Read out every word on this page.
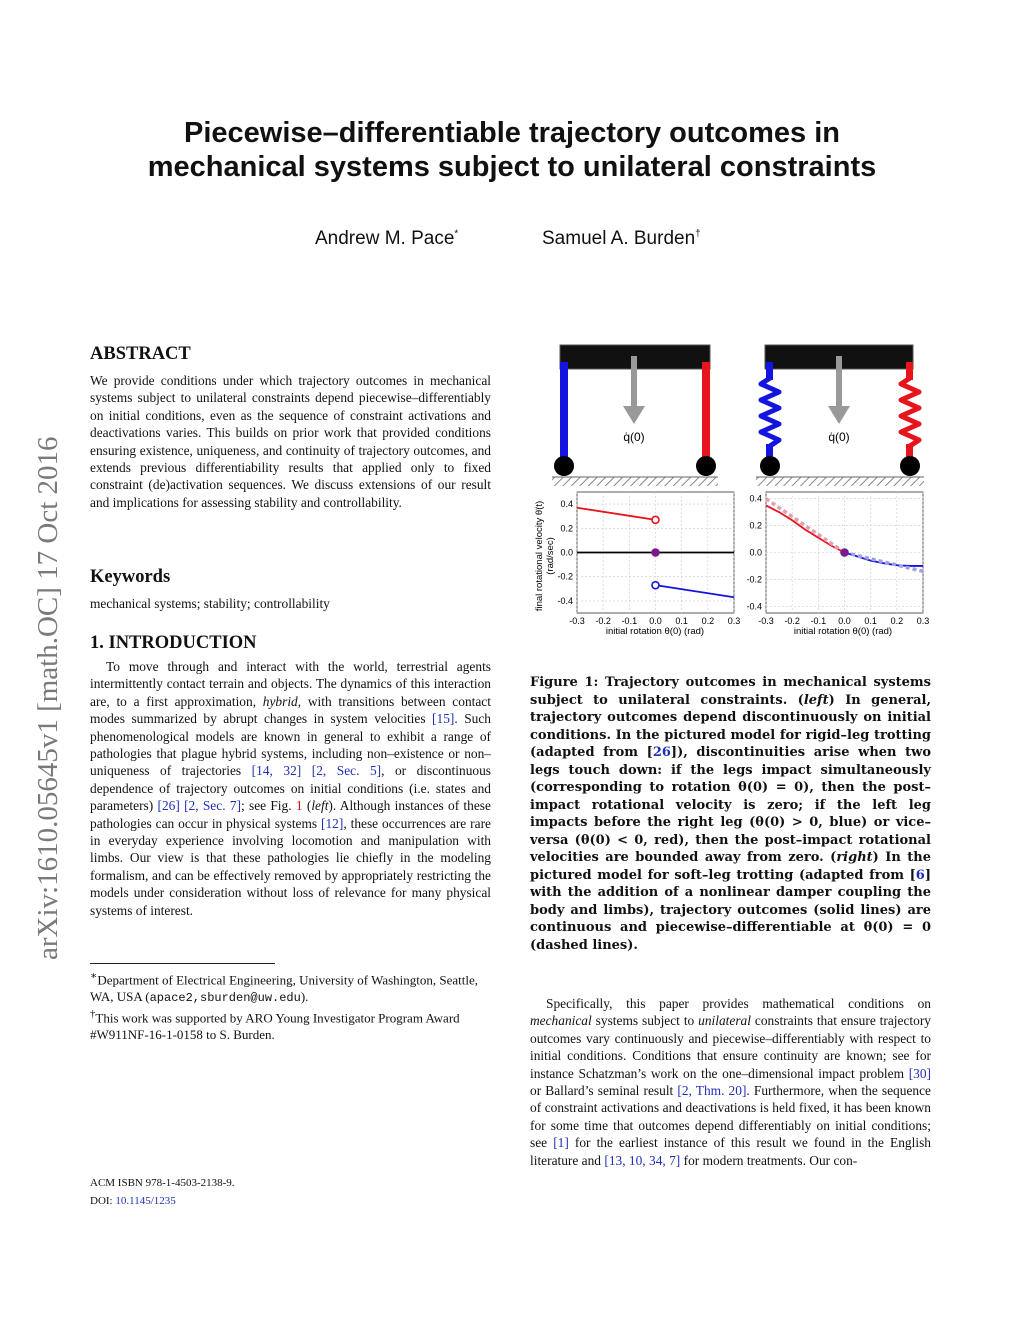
Piecewise–differentiable trajectory outcomes in
mechanical systems subject to unilateral constraints
Andrew M. Pace*	Samuel A. Burden†
arXiv:1610.05645v1 [math.OC] 17 Oct 2016
ABSTRACT

We provide conditions under which trajectory outcomes in mechanical systems subject to unilateral constraints depend piecewise–differentiably on initial conditions, even as the sequence of constraint activations and deactivations varies. This builds on prior work that provided conditions ensuring existence, uniqueness, and continuity of trajectory outcomes, and extends previous differentiability results that applied only to fixed constraint (de)activation sequences. We discuss extensions of our result and implications for assessing stability and controllability.

Keywords

mechanical systems; stability; controllability

1. INTRODUCTION

To move through and interact with the world, terrestrial agents intermittently contact terrain and objects. The dynamics of this interaction are, to a first approximation, hybrid, with transitions between contact modes summarized by abrupt changes in system velocities [15]. Such phenomenological models are known in general to exhibit a range of pathologies that plague hybrid systems, including non–existence or non–uniqueness of trajectories [14, 32] [2, Sec. 5], or discontinuous dependence of trajectory outcomes on initial conditions (i.e. states and parameters) [26] [2, Sec. 7]; see Fig. 1 (left). Although instances of these pathologies can occur in physical systems [12], these occurrences are rare in everyday experience involving locomotion and manipulation with limbs. Our view is that these pathologies lie chiefly in the modeling formalism, and can be effectively removed by appropriately restricting the models under consideration without loss of relevance for many physical systems of interest.

∗Department of Electrical Engineering, University of Washington, Seattle, WA, USA (apace2,sburden@uw.edu).

†This work was supported by ARO Young Investigator Program Award #W911NF-16-1-0158 to S. Burden.

ACM ISBN 978-1-4503-2138-9.
DOI: 10.1145/1235
q̇(0)	q̇(0)
-0.3 -0.2 -0.1 0.0 0.1 0.2 0.3
-0.4
-0.2
0.0
0.2
0.4
-0.3 -0.2 -0.1 0.0 0.1 0.2 0.3
-0.4
-0.2
0.0
0.2
0.4
final rotational velocity θ̇(t) (rad/sec)
initial rotation θ(0) (rad)	initial rotation θ(0) (rad)
Figure 1: Trajectory outcomes in mechanical systems subject to unilateral constraints. (left) In general, trajectory outcomes depend discontinuously on initial conditions. In the pictured model for rigid–leg trotting (adapted from [26]), discontinuities arise when two legs touch down: if the legs impact simultaneously (corresponding to rotation θ(0) = 0), then the post–impact rotational velocity is zero; if the left leg impacts before the right leg (θ(0) > 0, blue) or vice–versa (θ(0) < 0, red), then the post–impact rotational velocities are bounded away from zero. (right) In the pictured model for soft–leg trotting (adapted from [6] with the addition of a nonlinear damper coupling the body and limbs), trajectory outcomes (solid lines) are continuous and piecewise–differentiable at θ(0) = 0 (dashed lines).

Specifically, this paper provides mathematical conditions on mechanical systems subject to unilateral constraints that ensure trajectory outcomes vary continuously and piecewise–differentiably with respect to initial conditions. Conditions that ensure continuity are known; see for instance Schatzman’s work on the one–dimensional impact problem [30] or Ballard’s seminal result [2, Thm. 20]. Furthermore, when the sequence of constraint activations and deactivations is held fixed, it has been known for some time that outcomes depend differentiably on initial conditions; see [1] for the earliest instance of this result we found in the English literature and [13, 10, 34, 7] for modern treatments. Our con-
